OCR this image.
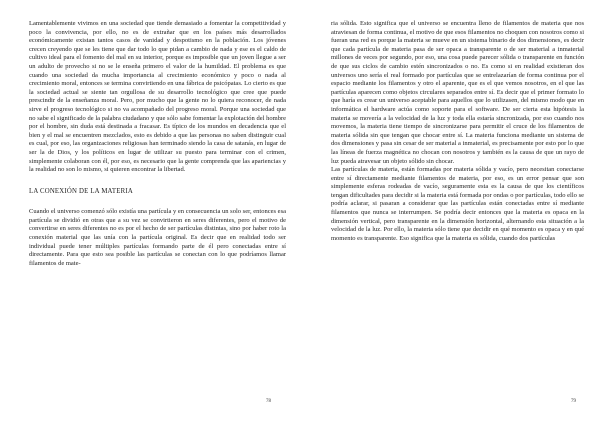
Lamentablemente vivimos en una sociedad que tiende demasiado a fomentar la competitividad y poco la convivencia, por ello, no es de extrañar que en los países más desarrollados económicamente existan tantos casos de vanidad y despotismo en la población. Los jóvenes crecen creyendo que se les tiene que dar todo lo que pidan a cambio de nada y ese es el caldo de cultivo ideal para el fomento del mal en su interior, porque es imposible que un joven llegue a ser un adulto de provecho si no se le enseña primero el valor de la humildad. El problema es que cuando una sociedad da mucha importancia al crecimiento económico y poco o nada al crecimiento moral, entonces se termina convirtiendo en una fábrica de psicópatas. Lo cierto es que la sociedad actual se siente tan orgullosa de su desarrollo tecnológico que cree que puede prescindir de la enseñanza moral. Pero, por mucho que la gente no lo quiera reconocer, de nada sirve el progreso tecnológico si no va acompañado del progreso moral. Porque una sociedad que no sabe el significado de la palabra ciudadano y que sólo sabe fomentar la explotación del hombre por el hombre, sin duda está destinada a fracasar. Es típico de los mundos en decadencia que el bien y el mal se encuentren mezclados, esto es debido a que las personas no saben distinguir cual es cual, por eso, las organizaciones religiosas han terminado siendo la casa de satanás, en lugar de ser la de Dios, y los políticos en lugar de utilizar su puesto para terminar con el crimen, simplemente colaboran con él, por eso, es necesario que la gente comprenda que las apariencias y la realidad no son lo mismo, si quieren encontrar la libertad.

LA CONEXIÓN DE LA MATERIA

Cuando el universo comenzó sólo existía una partícula y en consecuencia un solo ser, entonces esa partícula se dividió en otras que a su vez se convirtieron en seres diferentes, pero el motivo de convertirse en seres diferentes no es por el hecho de ser partículas distintas, sino por haber roto la conexión material que las unía con la partícula original. Es decir que en realidad todo ser individual puede tener múltiples partículas formando parte de él pero conectadas entre sí directamente. Para que esto sea posible las partículas se conectan con lo que podríamos llamar filamentos de mate-

78

ria sólida. Esto significa que el universo se encuentra lleno de filamentos de materia que nos atraviesan de forma continua, el motivo de que esos filamentos no choquen con nosotros como si fueran una red es porque la materia se mueve en un sistema binario de dos dimensiones, es decir que cada partícula de materia pasa de ser opaca a transparente o de ser material a inmaterial millones de veces por segundo, por eso, una cosa puede parecer sólida o transparente en función de que sus ciclos de cambio estén sincronizados o no. Es como si en realidad existieran dos universos uno sería el real formado por partículas que se entrelazarían de forma continua por el espacio mediante los filamentos y otro el aparente, que es el que vemos nosotros, en el que las partículas aparecen como objetos circulares separados entre sí. Es decir que el primer formato lo que haría es crear un universo aceptable para aquellos que lo utilizasen, del mismo modo que en informática el hardware actúa como soporte para el software. De ser cierta esta hipótesis la materia se movería a la velocidad de la luz y toda ella estaría sincronizada, por eso cuando nos movemos, la materia tiene tiempo de sincronizarse para permitir el cruce de los filamentos de materia sólida sin que tengan que chocar entre sí. La materia funciona mediante un sistema de dos dimensiones y pasa sin cesar de ser material a inmaterial, es precisamente por esto por lo que las líneas de fuerza magnética no chocan con nosotros y también es la causa de que un rayo de luz pueda atravesar un objeto sólido sin chocar.

Las partículas de materia, están formadas por materia sólida y vacío, pero necesitan conectarse entre sí directamente mediante filamentos de materia, por eso, es un error pensar que son simplemente esferas rodeadas de vacío, seguramente esta es la causa de que los científicos tengan dificultades para decidir si la materia está formada por ondas o por partículas, todo ello se podría aclarar, si pasaran a considerar que las partículas están conectadas entre sí mediante filamentos que nunca se interrumpen. Se podría decir entonces que la materia es opaca en la dimensión vertical, pero transparente en la dimensión horizontal, alternando esta situación a la velocidad de la luz. Por ello, la materia sólo tiene que decidir en qué momento es opaca y en qué momento es transparente. Eso significa que la materia es sólida, cuando dos partículas

79
